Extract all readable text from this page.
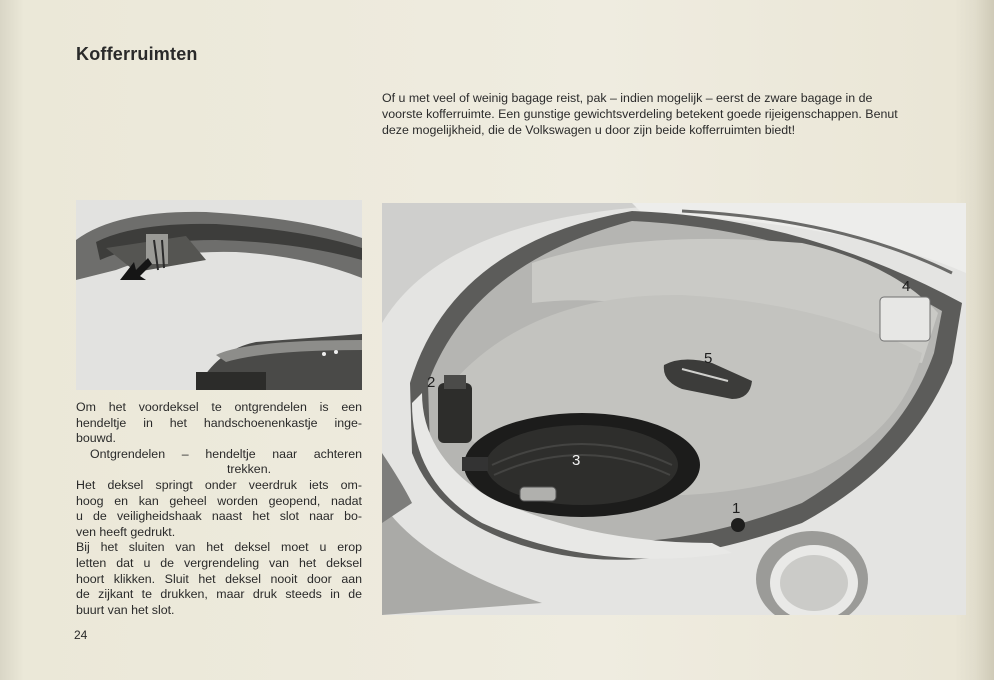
Kofferruimten
Of u met veel of weinig bagage reist, pak – indien mogelijk – eerst de zware bagage in de
voorste kofferruimte. Een gunstige gewichtsverdeling betekent goede rijeigenschappen. Benut
deze mogelijkheid, die de Volkswagen u door zijn beide kofferruimten biedt!
1
2
3
4
5
Om het voordeksel te ontgrendelen is een
hendeltje in het handschoenenkastje inge-
bouwd.
Ontgrendelen – hendeltje naar achteren
trekken.
Het deksel springt onder veerdruk iets om-
hoog en kan geheel worden geopend, nadat
u de veiligheidshaak naast het slot naar bo-
ven heeft gedrukt.
Bij het sluiten van het deksel moet u erop
letten dat u de vergrendeling van het deksel
hoort klikken. Sluit het deksel nooit door aan
de zijkant te drukken, maar druk steeds in de
buurt van het slot.
24
